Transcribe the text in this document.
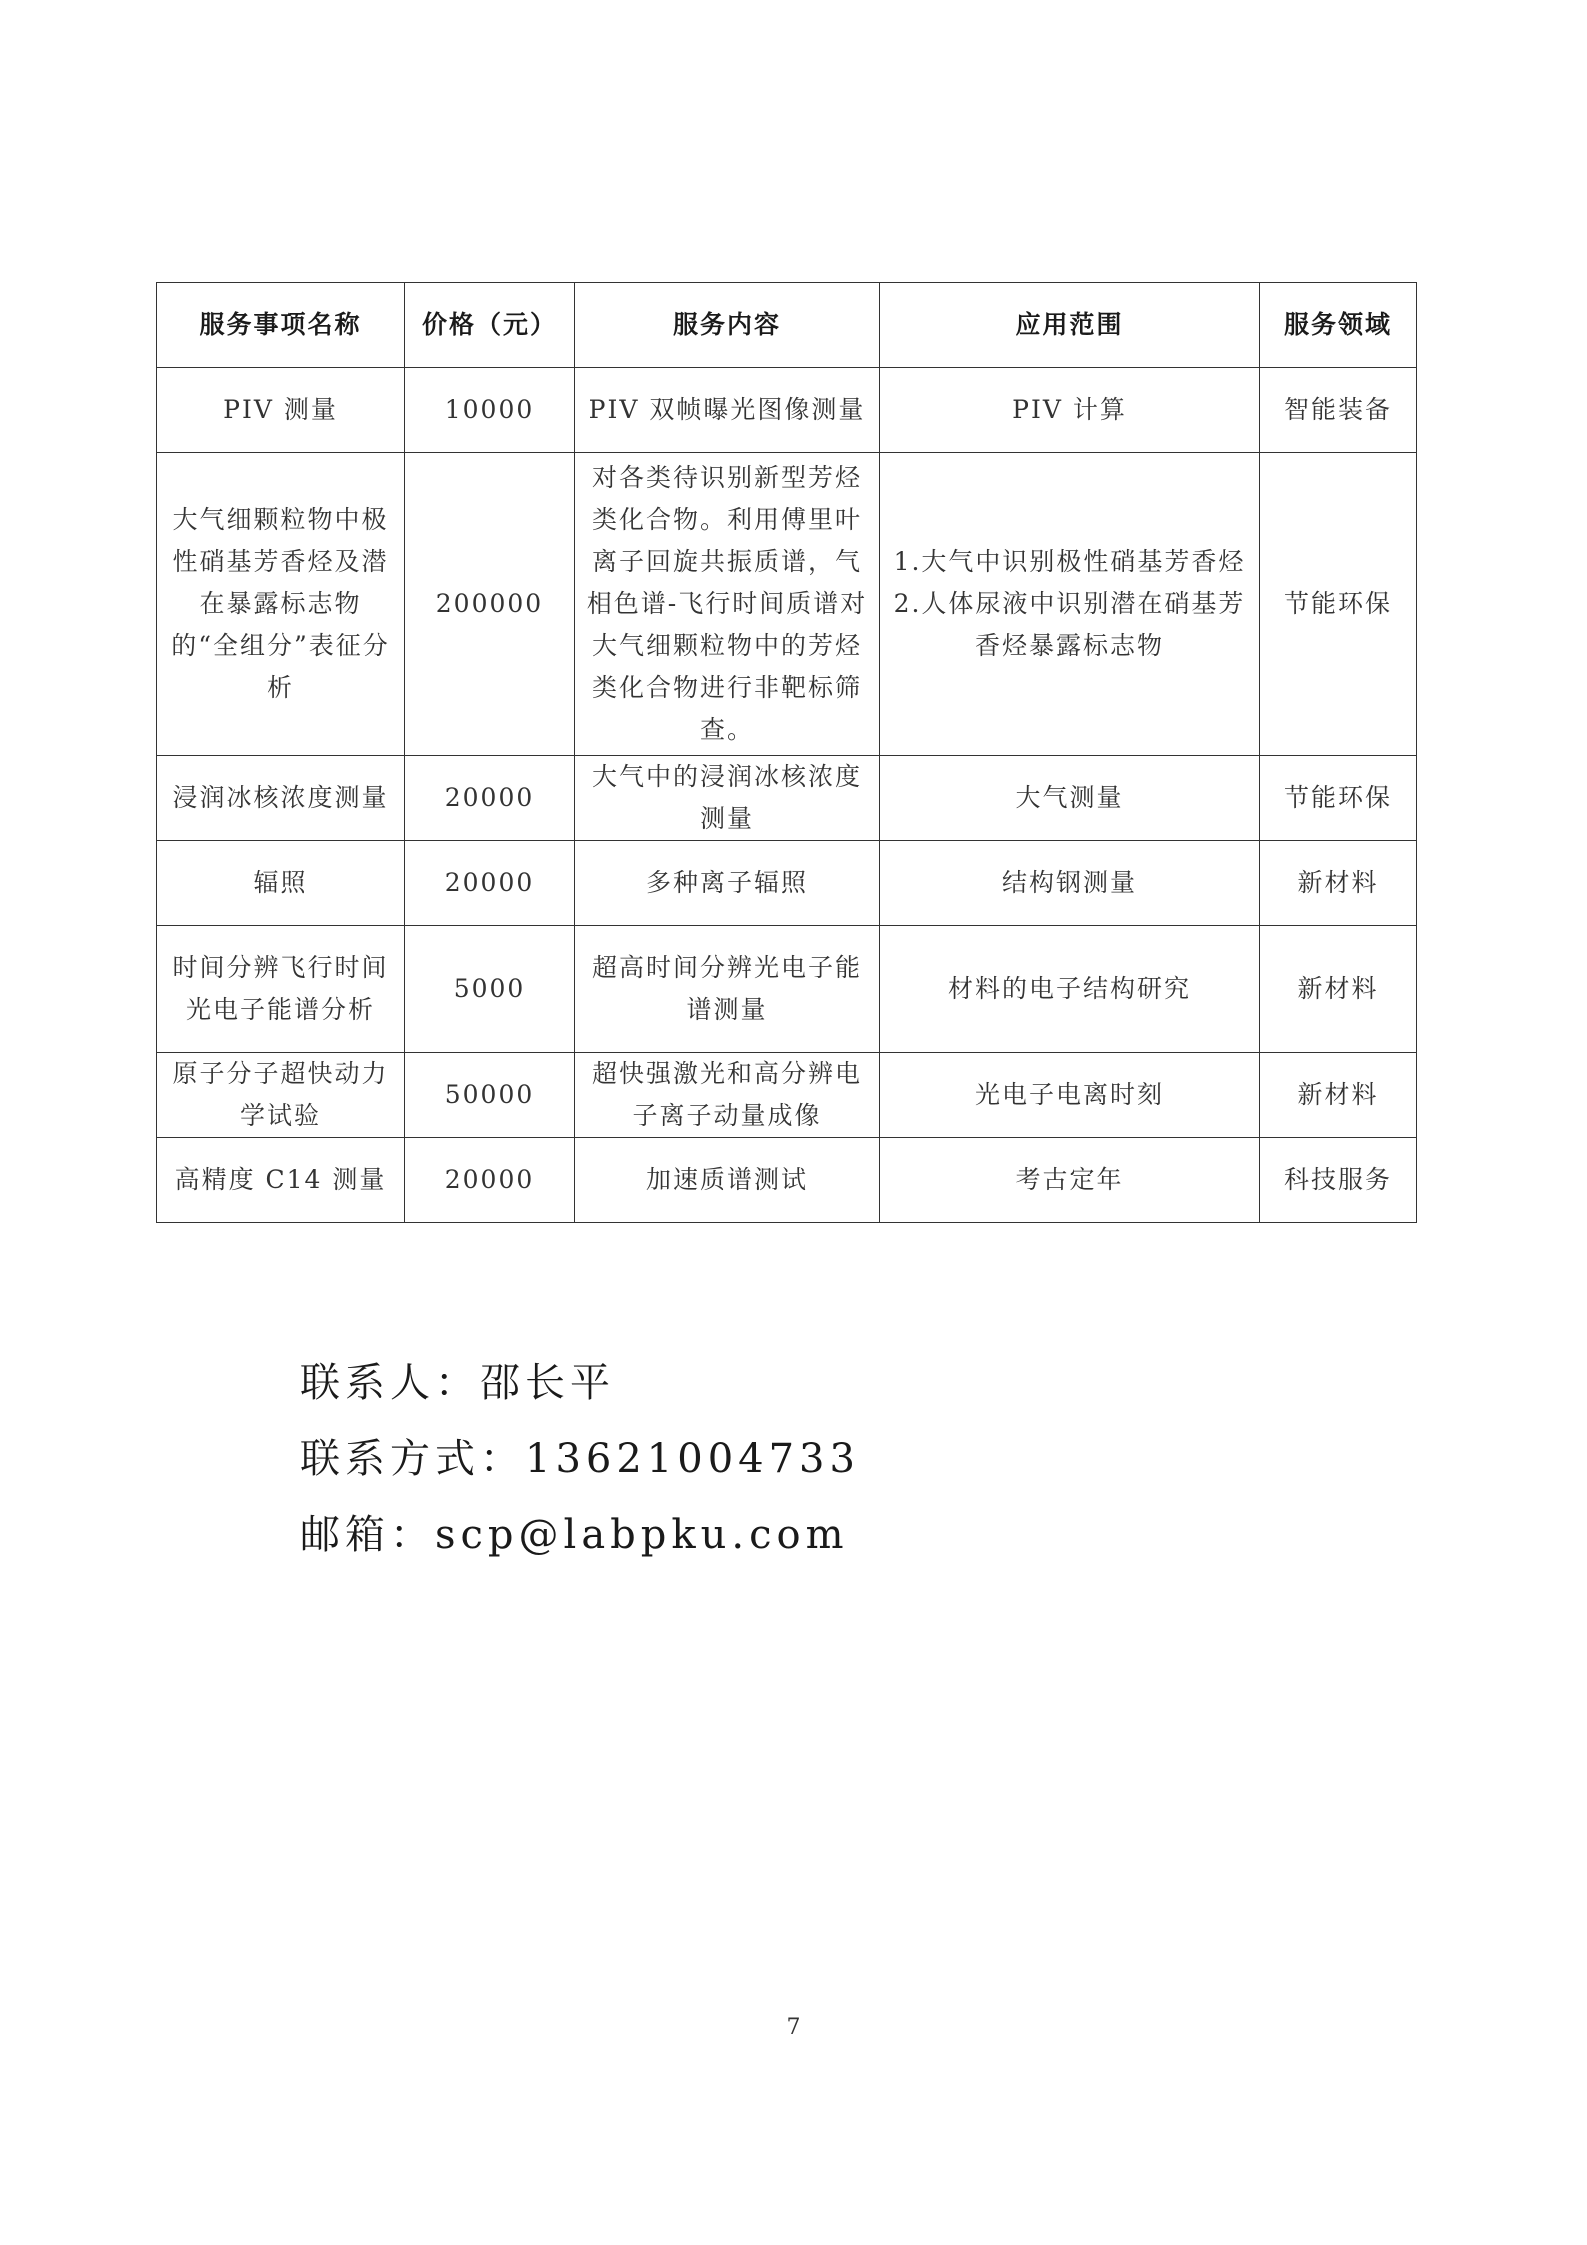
服务事项名称	价格（元）	服务内容	应用范围	服务领域
PIV 测量	10000	PIV 双帧曝光图像测量	PIV 计算	智能装备
大气细颗粒物中极性硝基芳香烃及潜在暴露标志物的“全组分”表征分析	200000	对各类待识别新型芳烃类化合物。利用傅里叶离子回旋共振质谱，气相色谱-飞行时间质谱对大气细颗粒物中的芳烃类化合物进行非靶标筛查。	1.大气中识别极性硝基芳香烃 2.人体尿液中识别潜在硝基芳香烃暴露标志物	节能环保
浸润冰核浓度测量	20000	大气中的浸润冰核浓度测量	大气测量	节能环保
辐照	20000	多种离子辐照	结构钢测量	新材料
时间分辨飞行时间光电子能谱分析	5000	超高时间分辨光电子能谱测量	材料的电子结构研究	新材料
原子分子超快动力学试验	50000	超快强激光和高分辨电子离子动量成像	光电子电离时刻	新材料
高精度 C14 测量	20000	加速质谱测试	考古定年	科技服务
联系人：邵长平
联系方式：13621004733
邮箱：scp@labpku.com
7
